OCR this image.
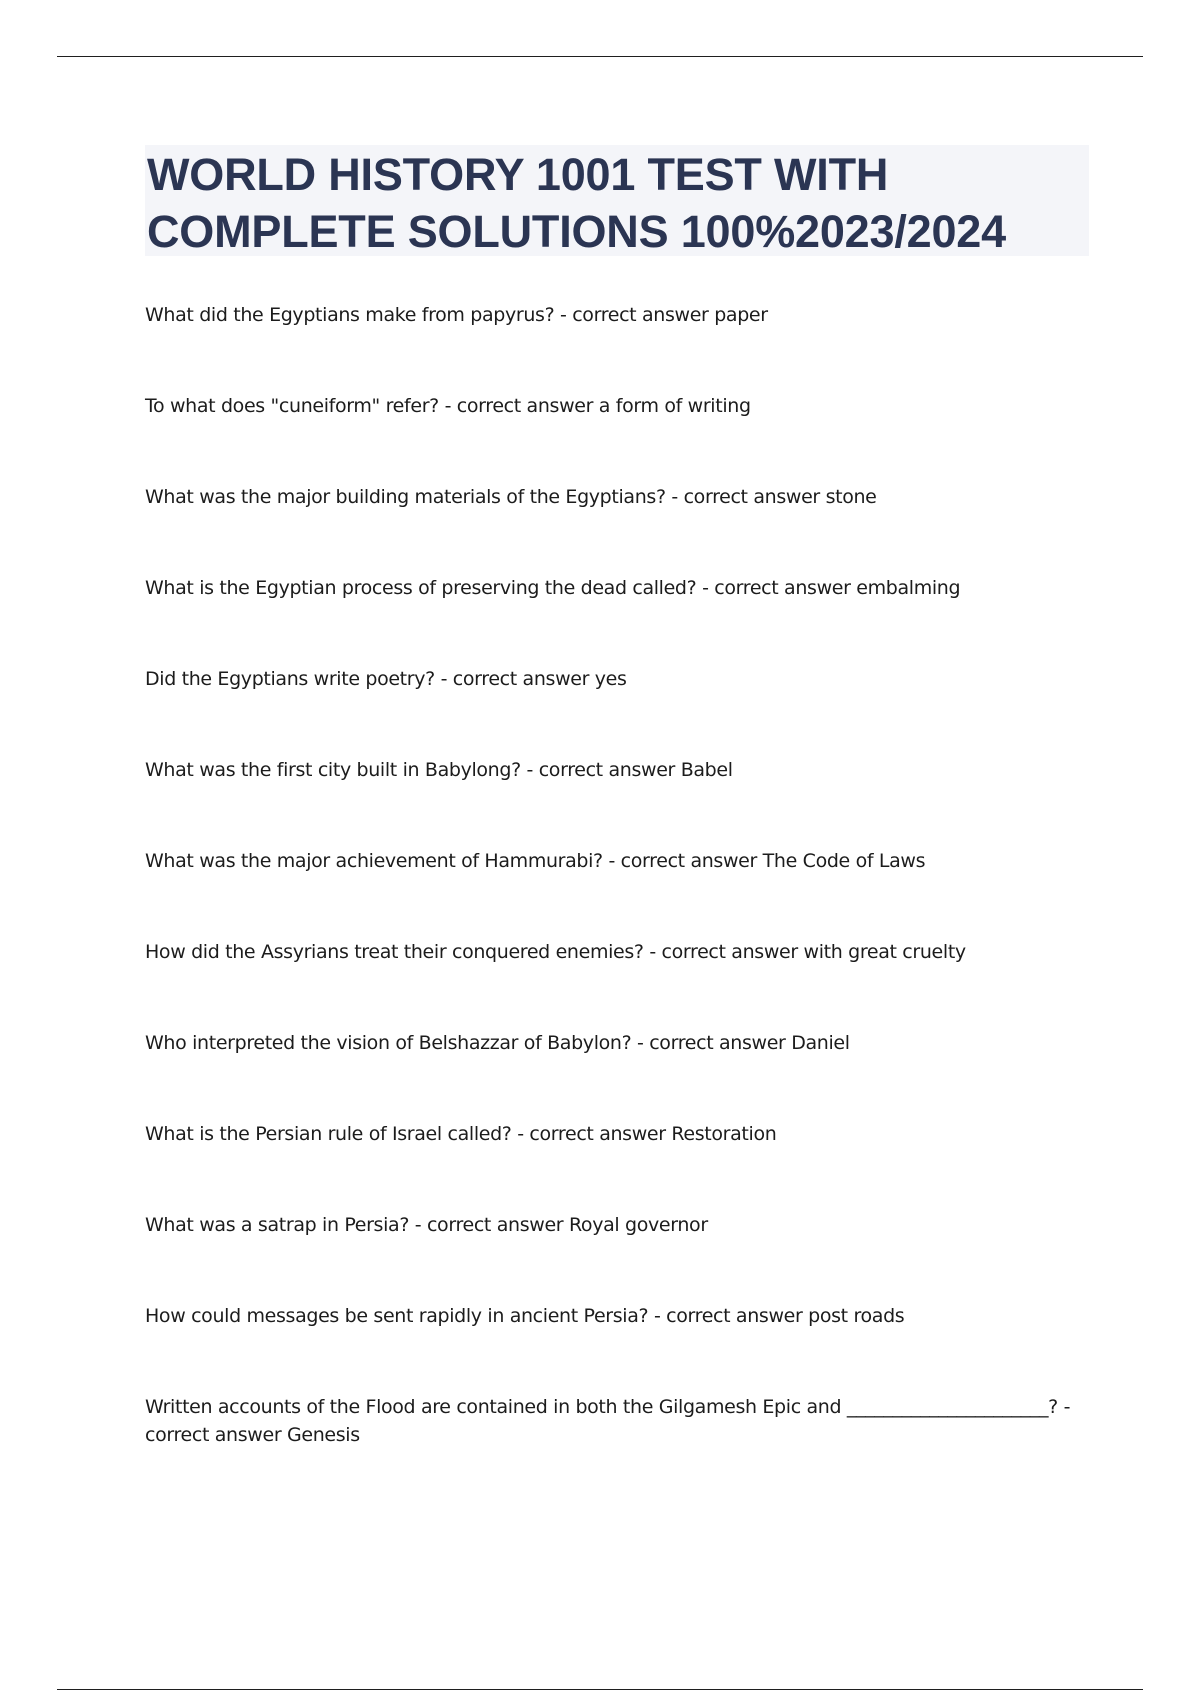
WORLD HISTORY 1001 TEST WITH
COMPLETE SOLUTIONS 100%2023/2024
What did the Egyptians make from papyrus? - correct answer paper
To what does "cuneiform" refer? - correct answer a form of writing
What was the major building materials of the Egyptians? - correct answer stone
What is the Egyptian process of preserving the dead called? - correct answer embalming
Did the Egyptians write poetry? - correct answer yes
What was the first city built in Babylong? - correct answer Babel
What was the major achievement of Hammurabi? - correct answer The Code of Laws
How did the Assyrians treat their conquered enemies? - correct answer with great cruelty
Who interpreted the vision of Belshazzar of Babylon? - correct answer Daniel
What is the Persian rule of Israel called? - correct answer Restoration
What was a satrap in Persia? - correct answer Royal governor
How could messages be sent rapidly in ancient Persia? - correct answer post roads
Written accounts of the Flood are contained in both the Gilgamesh Epic and ______________________? - correct answer Genesis
